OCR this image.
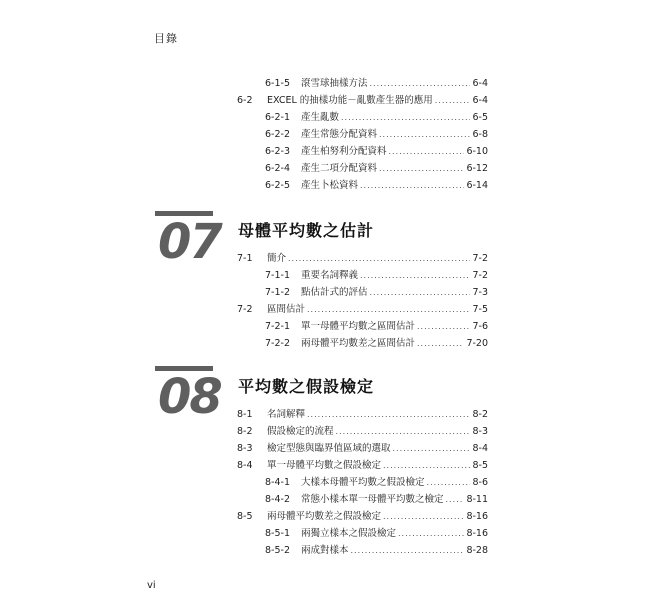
目錄
6-1-5	滾雪球抽樣方法 .....	6-4
6-2	EXCEL 的抽樣功能－亂數產生器的應用 .....	6-4
6-2-1	產生亂數 .....	6-5
6-2-2	產生常態分配資料 .....	6-8
6-2-3	產生柏努利分配資料 .....	6-10
6-2-4	產生二項分配資料 .....	6-12
6-2-5	產生卜松資料 .....	6-14
07 母體平均數之估計
7-1	簡介 .....	7-2
7-1-1	重要名詞釋義 .....	7-2
7-1-2	點估計式的評估 .....	7-3
7-2	區間估計 .....	7-5
7-2-1	單一母體平均數之區間估計 .....	7-6
7-2-2	兩母體平均數差之區間估計 .....	7-20
08 平均數之假設檢定
8-1	名詞解釋 .....	8-2
8-2	假設檢定的流程 .....	8-3
8-3	檢定型態與臨界值區域的選取 .....	8-4
8-4	單一母體平均數之假設檢定 .....	8-5
8-4-1	大樣本母體平均數之假設檢定 .....	8-6
8-4-2	常態小樣本單一母體平均數之檢定 ..... 8-11
8-5	兩母體平均數差之假設檢定 .....	8-16
8-5-1	兩獨立樣本之假設檢定 .....	8-16
8-5-2	兩成對樣本 .....	8-28
vi
